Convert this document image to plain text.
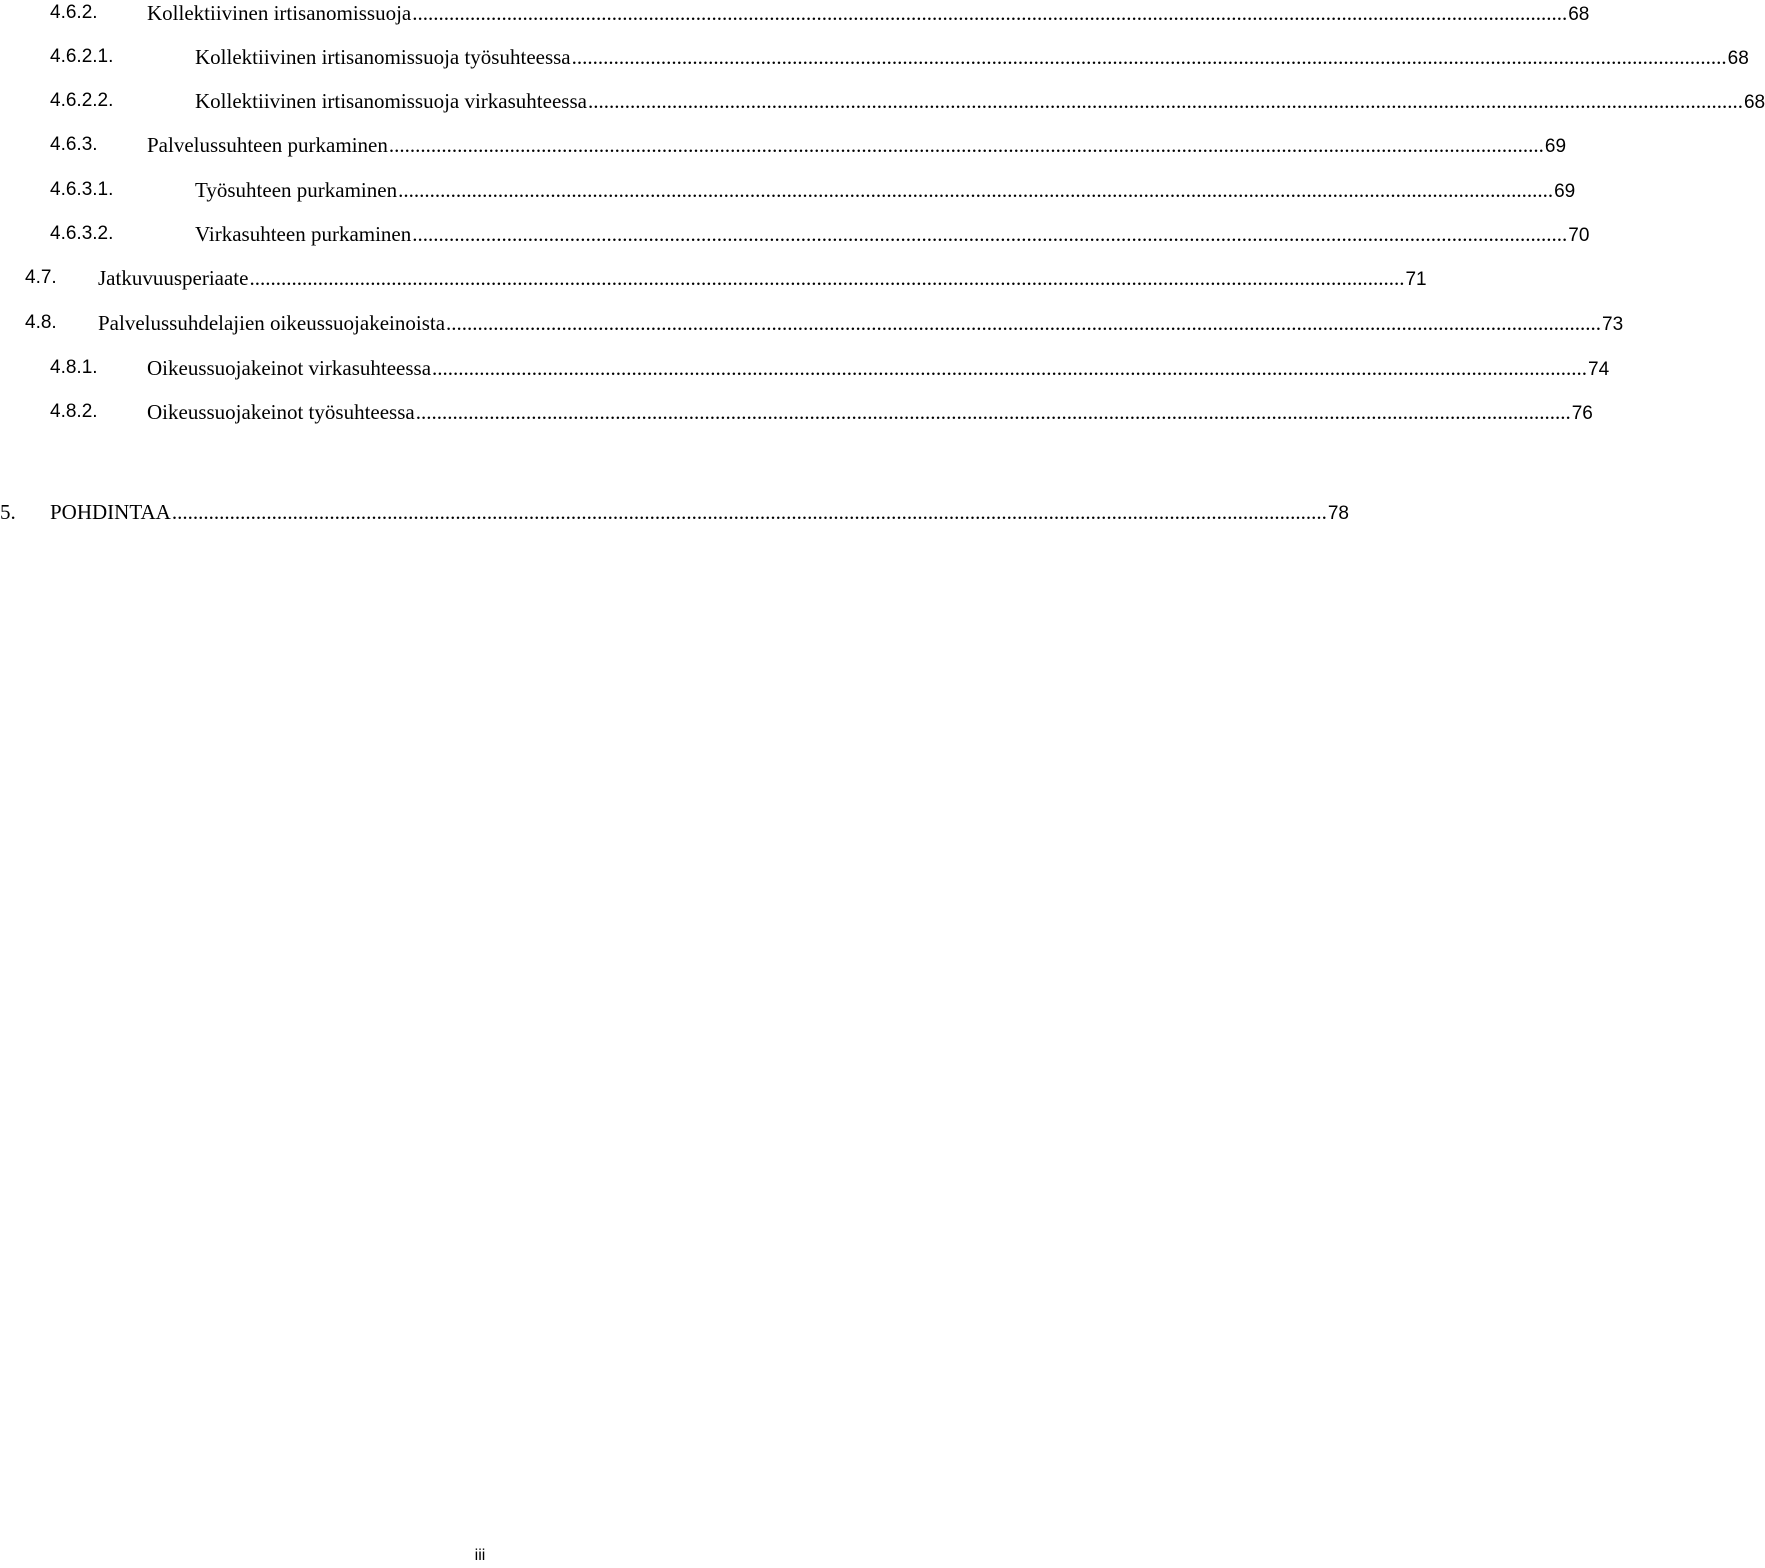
4.6.2. Kollektiivinen irtisanomissuoja ............................................................................................................................................................................................................................ 68
4.6.2.1.	Kollektiivinen irtisanomissuoja työsuhteessa ............................................................................................................................................................................................................................ 68
4.6.2.2.	Kollektiivinen irtisanomissuoja virkasuhteessa ............................................................................................................................................................................................................................ 68
4.6.3. Palvelussuhteen purkaminen ............................................................................................................................................................................................................................ 69
4.6.3.1.	Työsuhteen purkaminen ............................................................................................................................................................................................................................ 69
4.6.3.2.	Virkasuhteen purkaminen ............................................................................................................................................................................................................................ 70
4.7. Jatkuvuusperiaate ............................................................................................................................................................................................................................ 71
4.8. Palvelussuhdelajien oikeussuojakeinoista ............................................................................................................................................................................................................................ 73
4.8.1. Oikeussuojakeinot virkasuhteessa ............................................................................................................................................................................................................................ 74
4.8.2. Oikeussuojakeinot työsuhteessa ............................................................................................................................................................................................................................ 76
5. POHDINTAA ............................................................................................................................................................................................................................ 78
iii
